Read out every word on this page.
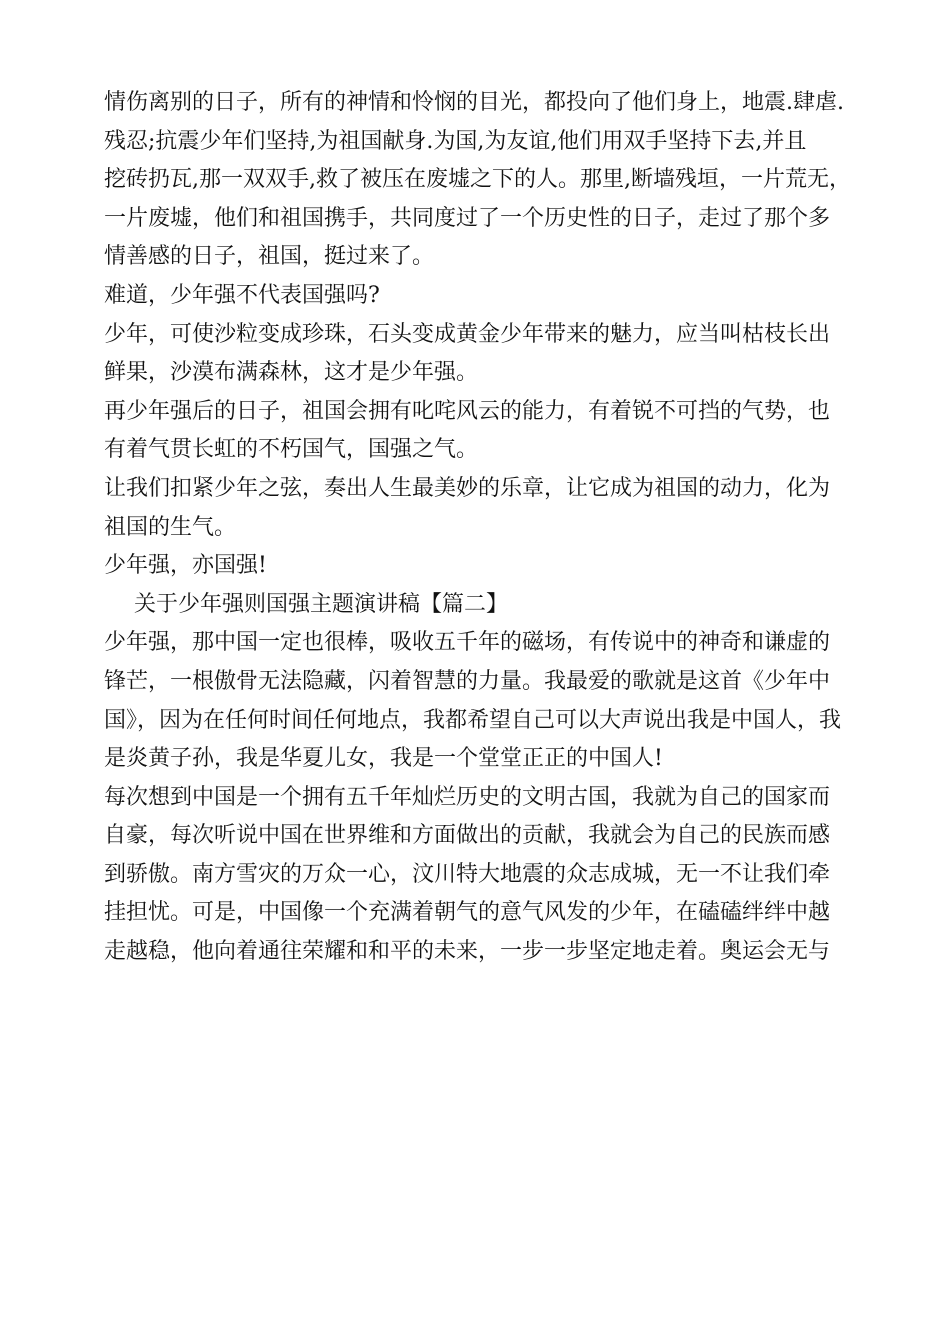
情伤离别的日子，所有的神情和怜悯的目光，都投向了他们身上，地震.肆虐.
残忍;抗震少年们坚持,为祖国献身.为国,为友谊,他们用双手坚持下去,并且
挖砖扔瓦,那一双双手,救了被压在废墟之下的人。那里,断墙残垣，一片荒无，
一片废墟，他们和祖国携手，共同度过了一个历史性的日子，走过了那个多
情善感的日子，祖国，挺过来了。
难道，少年强不代表国强吗?
少年，可使沙粒变成珍珠，石头变成黄金少年带来的魅力，应当叫枯枝长出
鲜果，沙漠布满森林，这才是少年强。
再少年强后的日子，祖国会拥有叱咤风云的能力，有着锐不可挡的气势，也
有着气贯长虹的不朽国气，国强之气。
让我们扣紧少年之弦，奏出人生最美妙的乐章，让它成为祖国的动力，化为
祖国的生气。
少年强，亦国强!
关于少年强则国强主题演讲稿【篇二】
少年强，那中国一定也很棒，吸收五千年的磁场，有传说中的神奇和谦虚的
锋芒，一根傲骨无法隐藏，闪着智慧的力量。我最爱的歌就是这首《少年中
国》，因为在任何时间任何地点，我都希望自己可以大声说出我是中国人，我
是炎黄子孙，我是华夏儿女，我是一个堂堂正正的中国人!
每次想到中国是一个拥有五千年灿烂历史的文明古国，我就为自己的国家而
自豪，每次听说中国在世界维和方面做出的贡献，我就会为自己的民族而感
到骄傲。南方雪灾的万众一心，汶川特大地震的众志成城，无一不让我们牵
挂担忧。可是，中国像一个充满着朝气的意气风发的少年，在磕磕绊绊中越
走越稳，他向着通往荣耀和和平的未来，一步一步坚定地走着。奥运会无与
